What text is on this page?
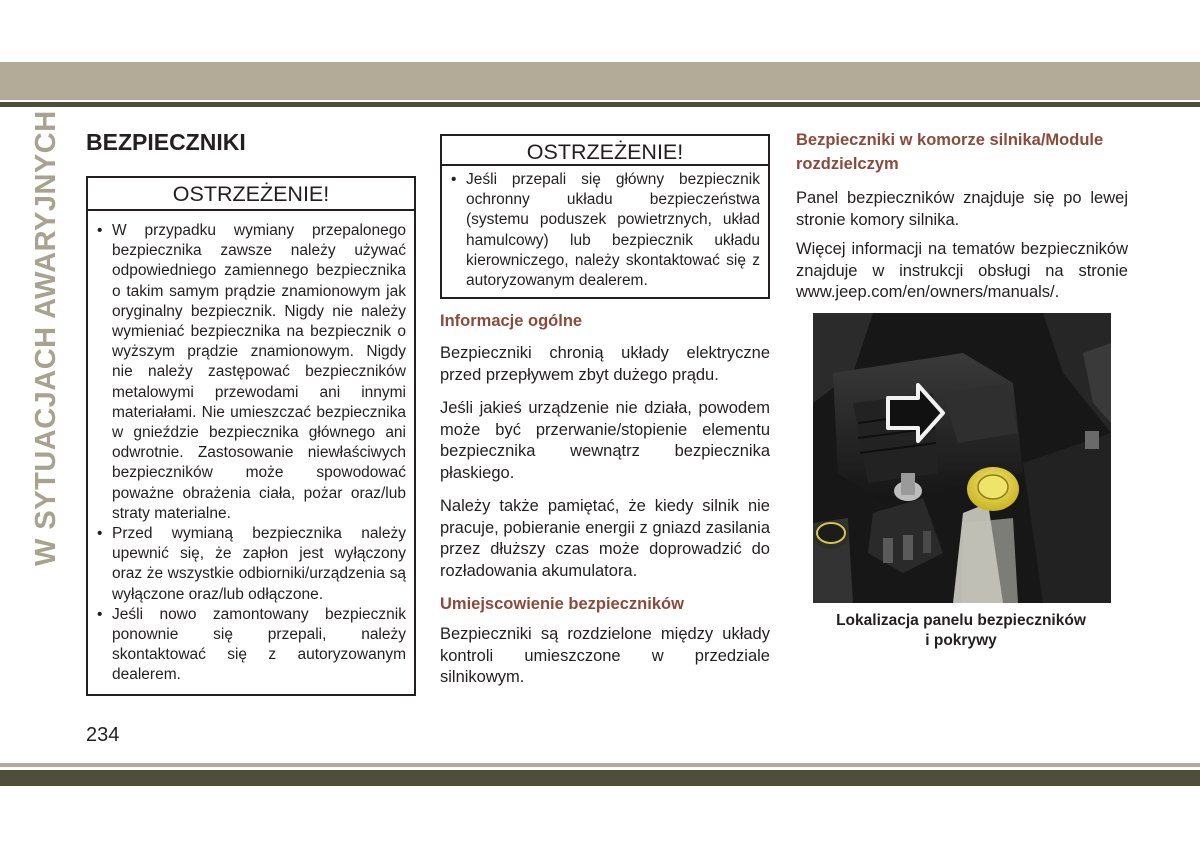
W SYTUACJACH AWARYJNYCH BEZPIECZNIKI
OSTRZEŻENIE!
• W przypadku wymiany przepalonego bezpiecznika zawsze należy używać odpowiedniego zamiennego bezpiecznika o takim samym prądzie znamionowym jak oryginalny bezpiecznik. Nigdy nie należy wymieniać bezpiecznika na bezpiecznik o wyższym prądzie znamionowym. Nigdy nie należy zastępować bezpieczników metalowymi przewodami ani innymi materiałami. Nie umieszczać bezpiecznika w gnieździe bezpiecznika głównego ani odwrotnie. Zastosowanie niewłaściwych bezpieczników może spowodować poważne obrażenia ciała, pożar oraz/lub straty materialne.
• Przed wymianą bezpiecznika należy upewnić się, że zapłon jest wyłączony oraz że wszystkie odbiorniki/urządzenia są wyłączone oraz/lub odłączone.
• Jeśli nowo zamontowany bezpiecznik ponownie się przepali, należy skontaktować się z autoryzowanym dealerem.
OSTRZEŻENIE!
• Jeśli przepali się główny bezpiecznik ochronny układu bezpieczeństwa (systemu poduszek powietrznych, układ hamulcowy) lub bezpiecznik układu kierowniczego, należy skontaktować się z autoryzowanym dealerem.
Informacje ogólne

Bezpieczniki chronią układy elektryczne przed przepływem zbyt dużego prądu.

Jeśli jakieś urządzenie nie działa, powodem może być przerwanie/stopienie elementu bezpiecznika wewnątrz bezpiecznika płaskiego.

Należy także pamiętać, że kiedy silnik nie pracuje, pobieranie energii z gniazd zasilania przez dłuższy czas może doprowadzić do rozładowania akumulatora.

Umiejscowienie bezpieczników

Bezpieczniki są rozdzielone między układy kontroli umieszczone w przedziale silnikowym.

Bezpieczniki w komorze silnika/Module rozdzielczym

Panel bezpieczników znajduje się po lewej stronie komory silnika.

Więcej informacji na tematów bezpieczników znajduje w instrukcji obsługi na stronie www.jeep.com/en/owners/manuals/.

Lokalizacja panelu bezpieczników
i pokrywy
234
